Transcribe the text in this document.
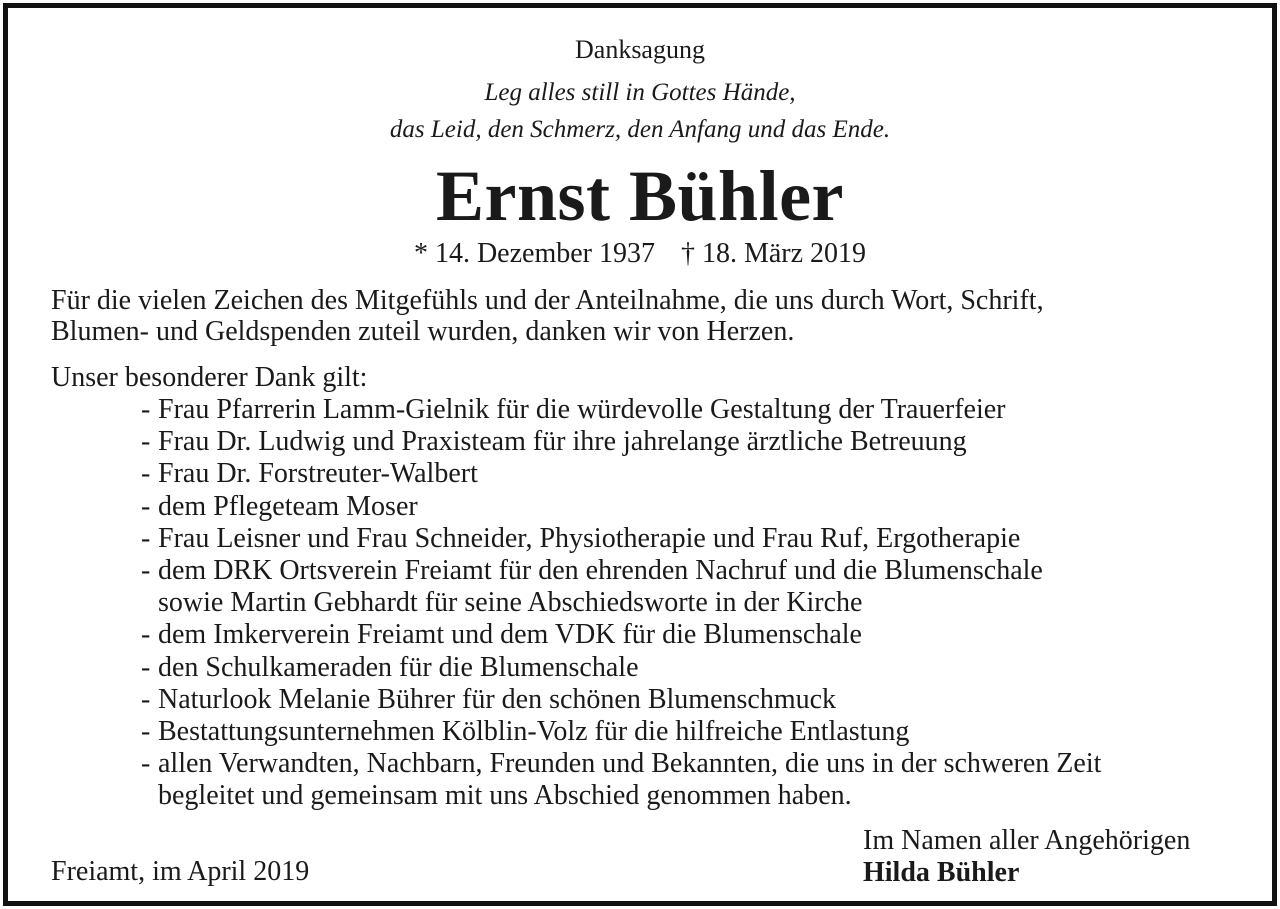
Danksagung
Leg alles still in Gottes Hände,
das Leid, den Schmerz, den Anfang und das Ende.
Ernst Bühler
* 14. Dezember 1937 † 18. März 2019
Für die vielen Zeichen des Mitgefühls und der Anteilnahme, die uns durch Wort, Schrift,
Blumen- und Geldspenden zuteil wurden, danken wir von Herzen.
Unser besonderer Dank gilt:
- Frau Pfarrerin Lamm-Gielnik für die würdevolle Gestaltung der Trauerfeier
- Frau Dr. Ludwig und Praxisteam für ihre jahrelange ärztliche Betreuung
- Frau Dr. Forstreuter-Walbert
- dem Pflegeteam Moser
- Frau Leisner und Frau Schneider, Physiotherapie und Frau Ruf, Ergotherapie
- dem DRK Ortsverein Freiamt für den ehrenden Nachruf und die Blumenschale
sowie Martin Gebhardt für seine Abschiedsworte in der Kirche
- dem Imkerverein Freiamt und dem VDK für die Blumenschale
- den Schulkameraden für die Blumenschale
- Naturlook Melanie Bührer für den schönen Blumenschmuck
- Bestattungsunternehmen Kölblin-Volz für die hilfreiche Entlastung
- allen Verwandten, Nachbarn, Freunden und Bekannten, die uns in der schweren Zeit
begleitet und gemeinsam mit uns Abschied genommen haben.
Freiamt, im April 2019
Im Namen aller Angehörigen
Hilda Bühler
